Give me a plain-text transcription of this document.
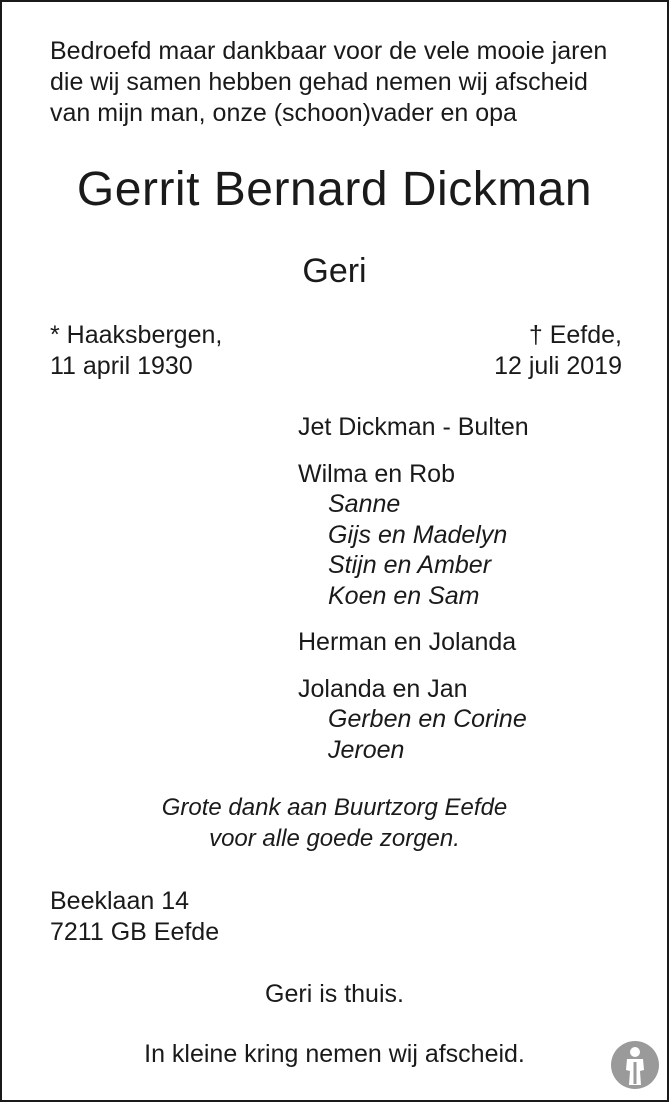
Bedroefd maar dankbaar voor de vele mooie jaren
die wij samen hebben gehad nemen wij afscheid
van mijn man, onze (schoon)vader en opa
Gerrit Bernard Dickman
Geri
* Haaksbergen,
11 april 1930
† Eefde,
12 juli 2019
Jet Dickman - Bulten
Wilma en Rob
Sanne
Gijs en Madelyn
Stijn en Amber
Koen en Sam
Herman en Jolanda
Jolanda en Jan
Gerben en Corine
Jeroen
Grote dank aan Buurtzorg Eefde
voor alle goede zorgen.
Beeklaan 14
7211 GB Eefde
Geri is thuis.
In kleine kring nemen wij afscheid.
